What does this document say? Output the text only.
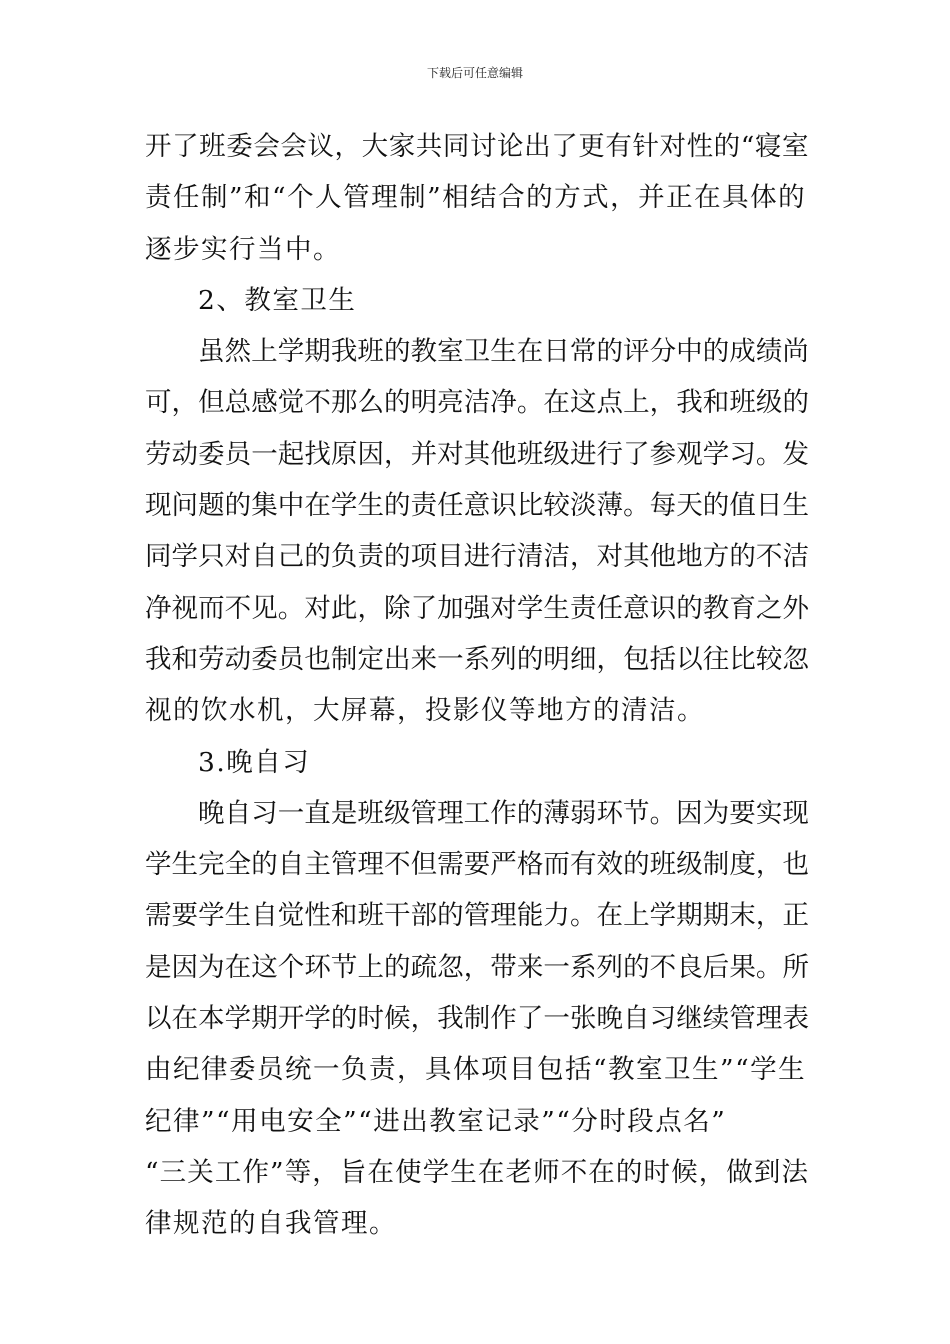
下载后可任意编辑
开了班委会会议，大家共同讨论出了更有针对性的“寝室
责任制”和“个人管理制”相结合的方式，并正在具体的
逐步实行当中。
2、教室卫生
虽然上学期我班的教室卫生在日常的评分中的成绩尚
可，但总感觉不那么的明亮洁净。在这点上，我和班级的
劳动委员一起找原因，并对其他班级进行了参观学习。发
现问题的集中在学生的责任意识比较淡薄。每天的值日生
同学只对自己的负责的项目进行清洁，对其他地方的不洁
净视而不见。对此，除了加强对学生责任意识的教育之外
我和劳动委员也制定出来一系列的明细，包括以往比较忽
视的饮水机，大屏幕，投影仪等地方的清洁。
3.晚自习
晚自习一直是班级管理工作的薄弱环节。因为要实现
学生完全的自主管理不但需要严格而有效的班级制度，也
需要学生自觉性和班干部的管理能力。在上学期期末，正
是因为在这个环节上的疏忽，带来一系列的不良后果。所
以在本学期开学的时候，我制作了一张晚自习继续管理表
由纪律委员统一负责，具体项目包括“教室卫生”“学生
纪律”“用电安全”“进出教室记录”“分时段点名”
“三关工作”等，旨在使学生在老师不在的时候，做到法
律规范的自我管理。
